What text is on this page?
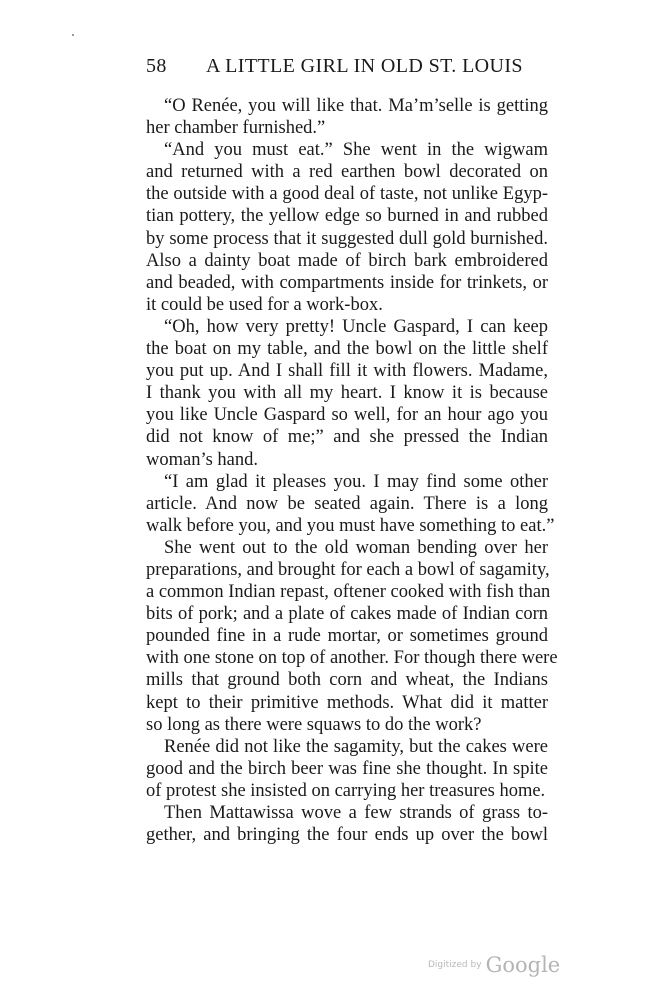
58 A LITTLE GIRL IN OLD ST. LOUIS
“O Renée, you will like that. Ma’m’selle is getting
her chamber furnished.”
“And you must eat.” She went in the wigwam
and returned with a red earthen bowl decorated on
the outside with a good deal of taste, not unlike Egyp-
tian pottery, the yellow edge so burned in and rubbed
by some process that it suggested dull gold burnished.
Also a dainty boat made of birch bark embroidered
and beaded, with compartments inside for trinkets, or
it could be used for a work-box.
“Oh, how very pretty! Uncle Gaspard, I can keep
the boat on my table, and the bowl on the little shelf
you put up. And I shall fill it with flowers. Madame,
I thank you with all my heart. I know it is because
you like Uncle Gaspard so well, for an hour ago you
did not know of me;” and she pressed the Indian
woman’s hand.
“I am glad it pleases you. I may find some other
article. And now be seated again. There is a long
walk before you, and you must have something to eat.”
She went out to the old woman bending over her
preparations, and brought for each a bowl of sagamity,
a common Indian repast, oftener cooked with fish than
bits of pork; and a plate of cakes made of Indian corn
pounded fine in a rude mortar, or sometimes ground
with one stone on top of another. For though there were
mills that ground both corn and wheat, the Indians
kept to their primitive methods. What did it matter
so long as there were squaws to do the work?
Renée did not like the sagamity, but the cakes were
good and the birch beer was fine she thought. In spite
of protest she insisted on carrying her treasures home.
Then Mattawissa wove a few strands of grass to-
gether, and bringing the four ends up over the bowl
Digitized by Google
